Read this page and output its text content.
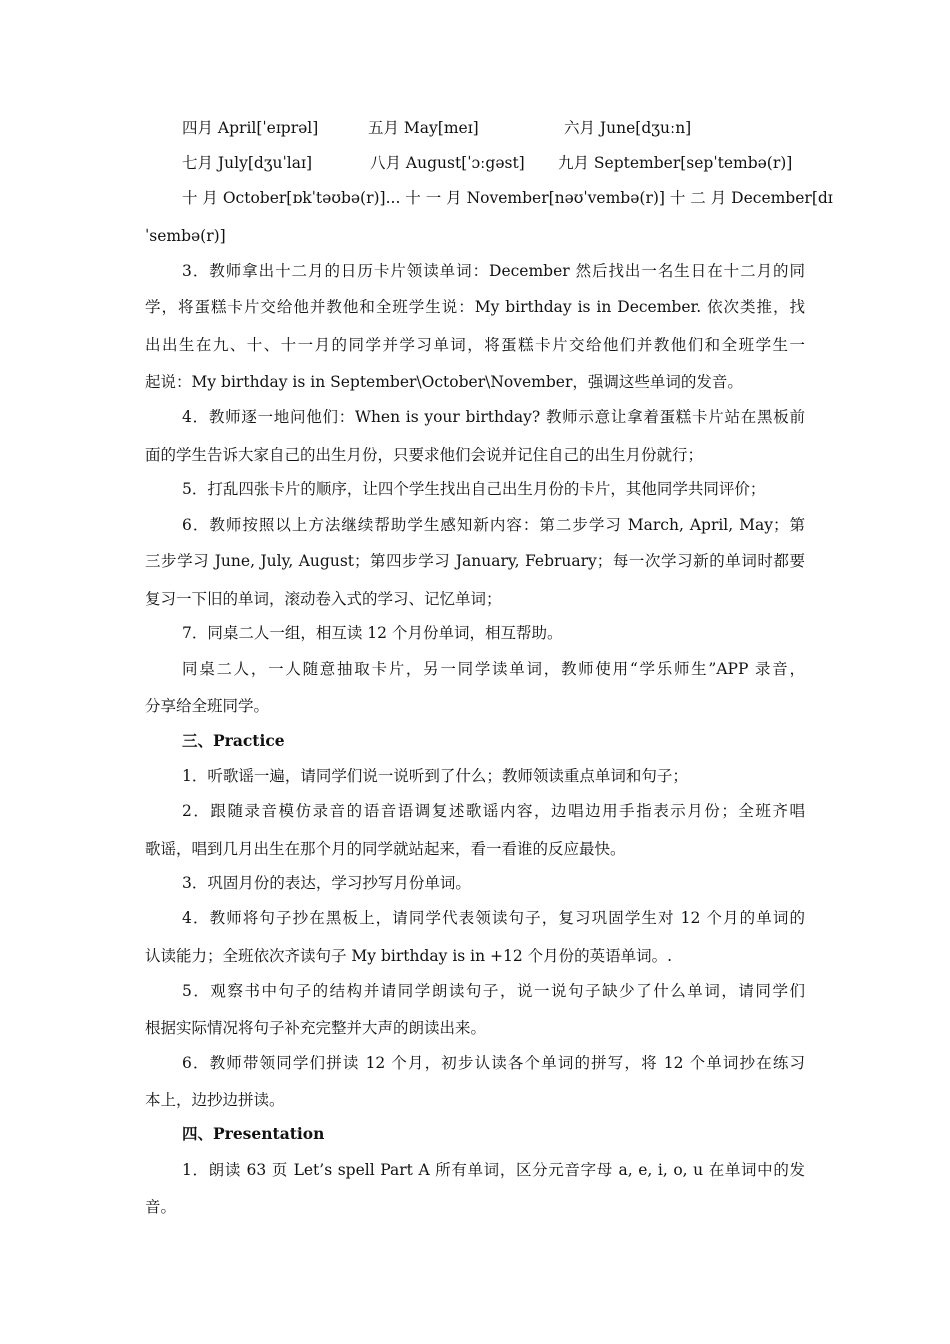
四月 April[ˈeɪprəl]	五月 May[meɪ]	六月 June[dʒuːn]
七月 July[dʒuˈlaɪ]	八月 August[ˈɔːgəst] 九月 September[sepˈtembə(r)]
十 月 October[ɒkˈtəʊbə(r)]... 十 一 月 November[nəʊˈvembə(r)] 十 二 月 December[dɪ
ˈsembə(r)]
3．教师拿出十二月的日历卡片领读单词：December 然后找出一名生日在十二月的同
学，将蛋糕卡片交给他并教他和全班学生说：My birthday is in December. 依次类推，找
出出生在九、十、十一月的同学并学习单词，将蛋糕卡片交给他们并教他们和全班学生一
起说：My birthday is in September\October\November，强调这些单词的发音。
4．教师逐一地问他们：When is your birthday? 教师示意让拿着蛋糕卡片站在黑板前
面的学生告诉大家自己的出生月份，只要求他们会说并记住自己的出生月份就行；
5．打乱四张卡片的顺序，让四个学生找出自己出生月份的卡片，其他同学共同评价；
6．教师按照以上方法继续帮助学生感知新内容：第二步学习 March, April, May；第
三步学习 June, July, August；第四步学习 January, February；每一次学习新的单词时都要
复习一下旧的单词，滚动卷入式的学习、记忆单词；
7．同桌二人一组，相互读 12 个月份单词，相互帮助。
同桌二人，一人随意抽取卡片，另一同学读单词，教师使用“学乐师生”APP 录音，
分享给全班同学。
三、Practice
1．听歌谣一遍，请同学们说一说听到了什么；教师领读重点单词和句子；
2．跟随录音模仿录音的语音语调复述歌谣内容，边唱边用手指表示月份；全班齐唱
歌谣，唱到几月出生在那个月的同学就站起来，看一看谁的反应最快。
3．巩固月份的表达，学习抄写月份单词。
4．教师将句子抄在黑板上，请同学代表领读句子，复习巩固学生对 12 个月的单词的
认读能力；全班依次齐读句子 My birthday is in +12 个月份的英语单词。.
5．观察书中句子的结构并请同学朗读句子，说一说句子缺少了什么单词，请同学们
根据实际情况将句子补充完整并大声的朗读出来。
6．教师带领同学们拼读 12 个月，初步认读各个单词的拼写，将 12 个单词抄在练习
本上，边抄边拼读。
四、Presentation
1．朗读 63 页 Let’s spell Part A 所有单词，区分元音字母 a, e, i, o, u 在单词中的发
音。
